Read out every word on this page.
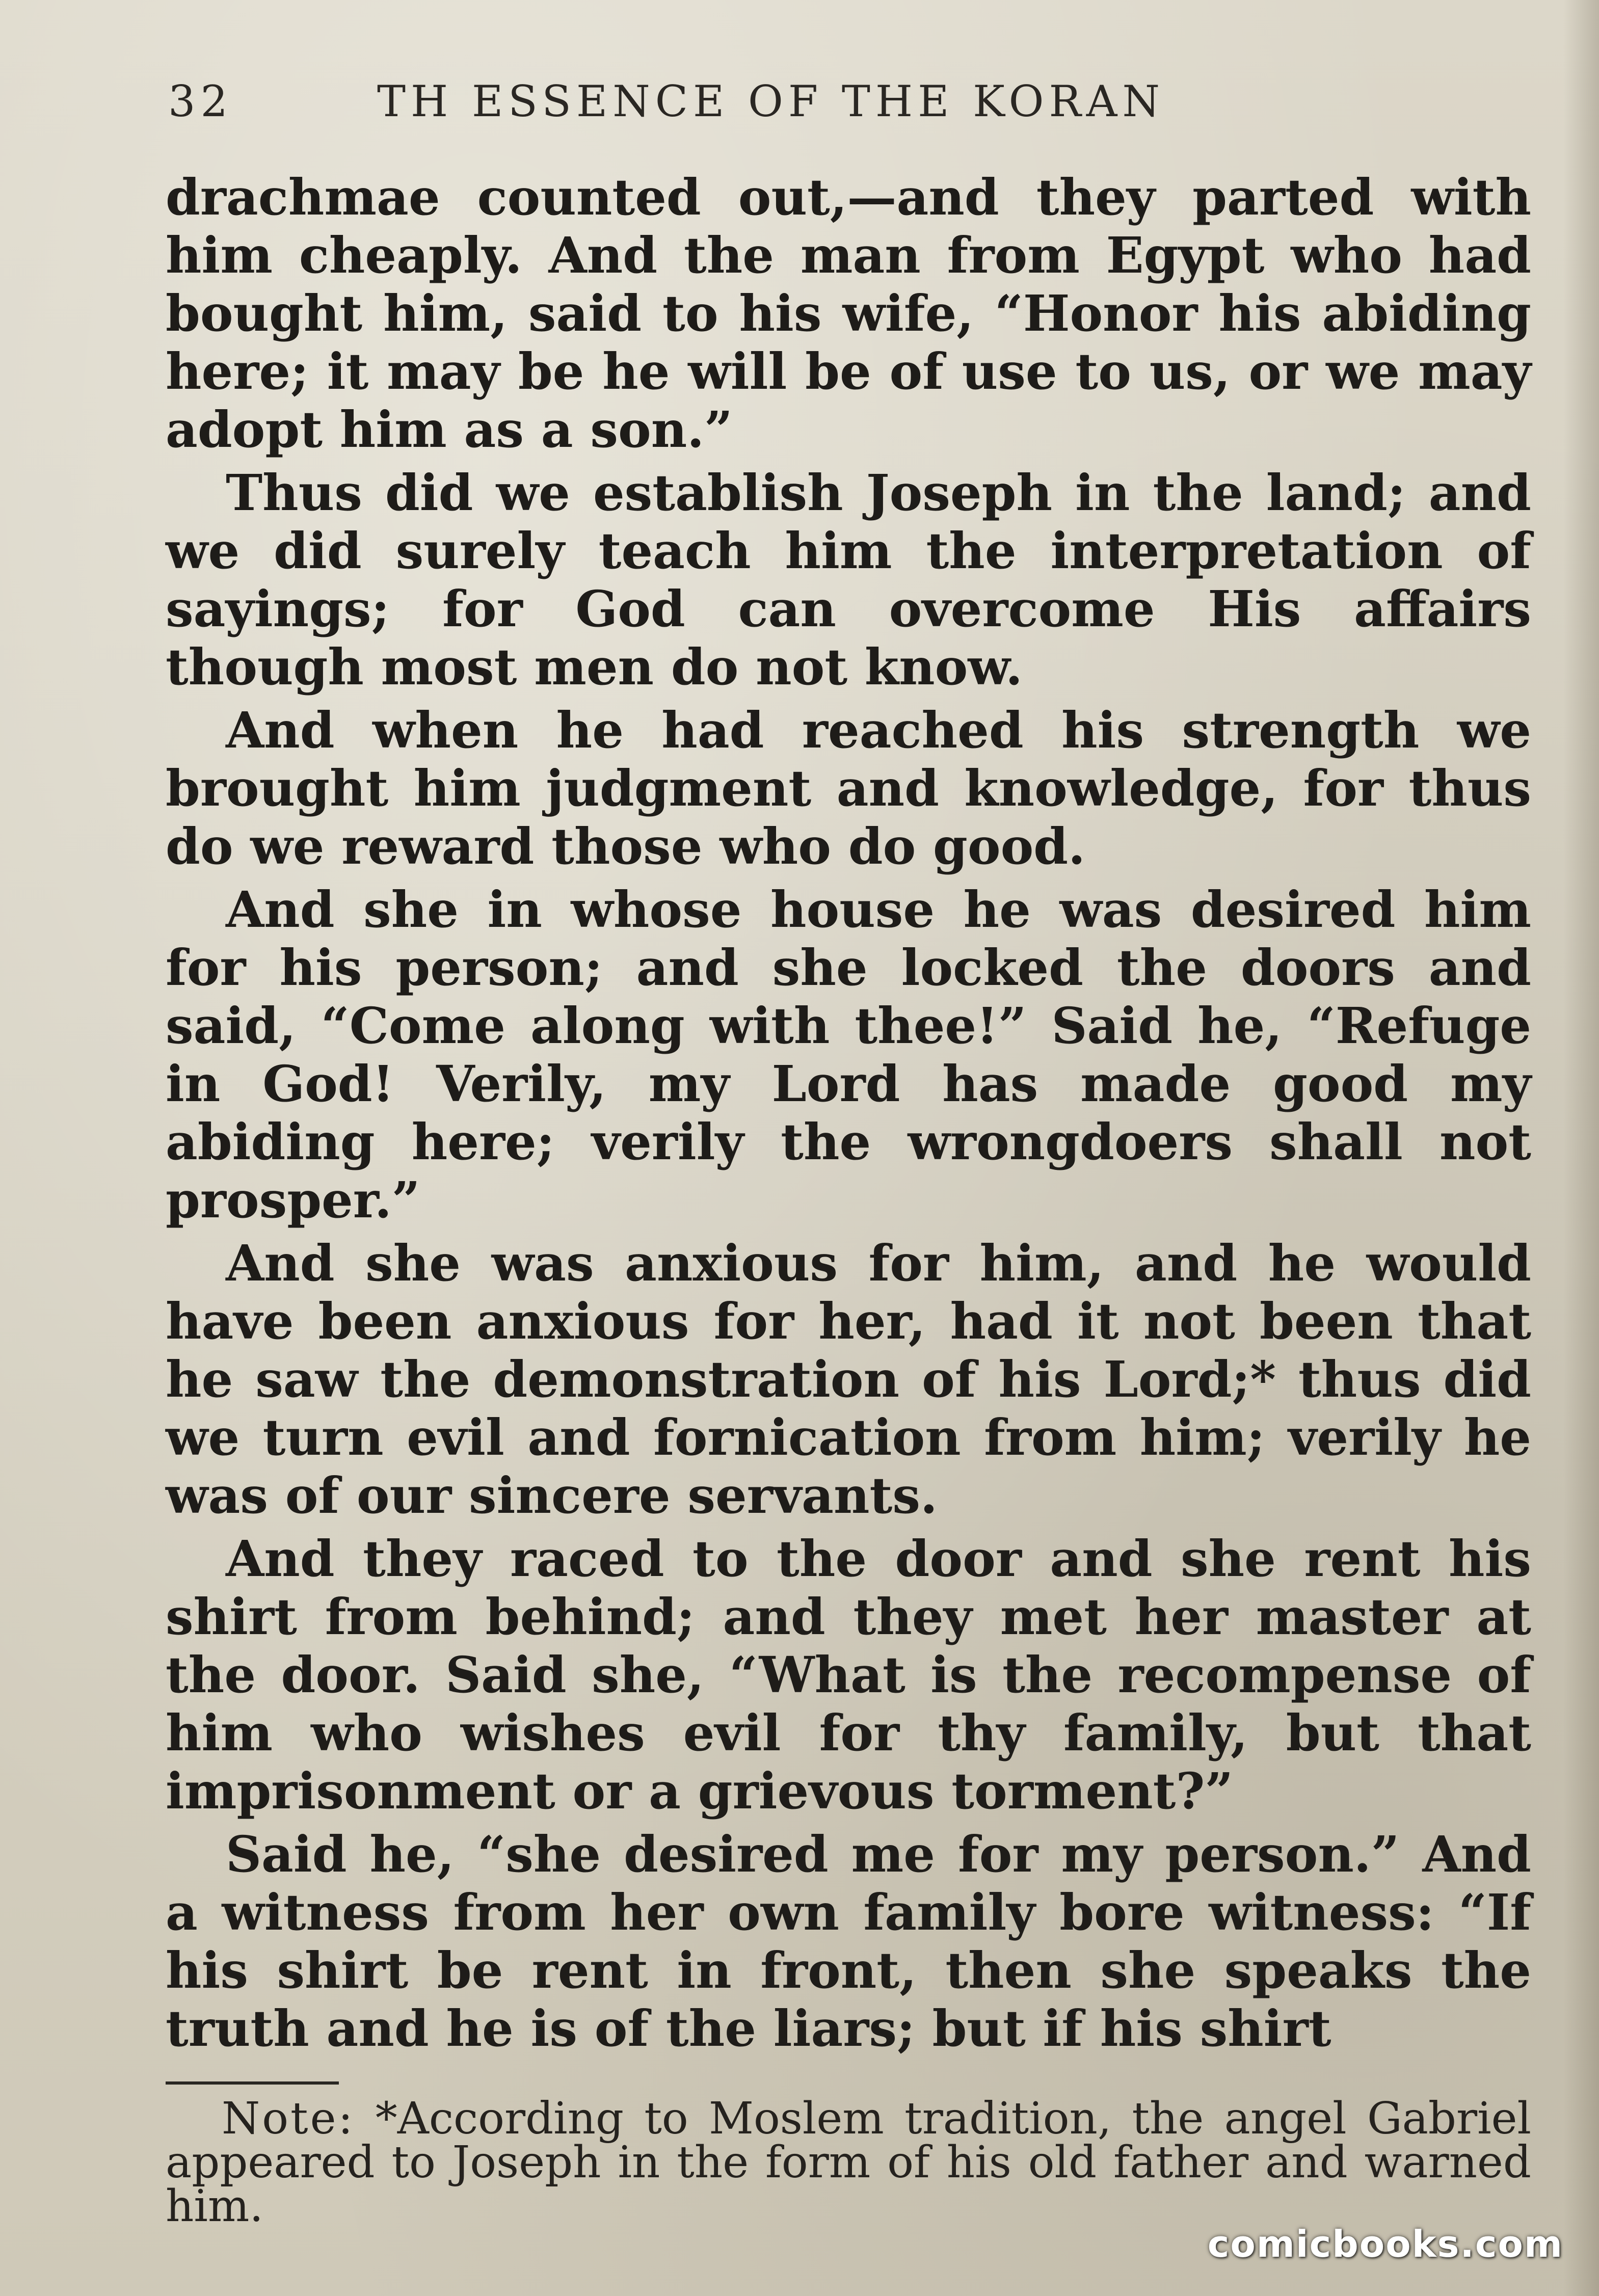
32	TH ESSENCE OF THE KORAN

drachmae counted out,—and they parted with him cheaply. And the man from Egypt who had bought him, said to his wife, “Honor his abiding here; it may be he will be of use to us, or we may adopt him as a son.”

Thus did we establish Joseph in the land; and we did surely teach him the interpretation of sayings; for God can overcome His affairs though most men do not know.

And when he had reached his strength we brought him judgment and knowledge, for thus do we reward those who do good.

And she in whose house he was desired him for his person; and she locked the doors and said, “Come along with thee!” Said he, “Refuge in God! Verily, my Lord has made good my abiding here; verily the wrongdoers shall not prosper.”

And she was anxious for him, and he would have been anxious for her, had it not been that he saw the demonstration of his Lord;* thus did we turn evil and fornication from him; verily he was of our sincere servants.

And they raced to the door and she rent his shirt from behind; and they met her master at the door. Said she, “What is the recompense of him who wishes evil for thy family, but that imprisonment or a grievous torment?”

Said he, “she desired me for my person.” And a witness from her own family bore witness: “If his shirt be rent in front, then she speaks the truth and he is of the liars; but if his shirt

Note: *According to Moslem tradition, the angel Gabriel appeared to Joseph in the form of his old father and warned him.
comicbooks.com
